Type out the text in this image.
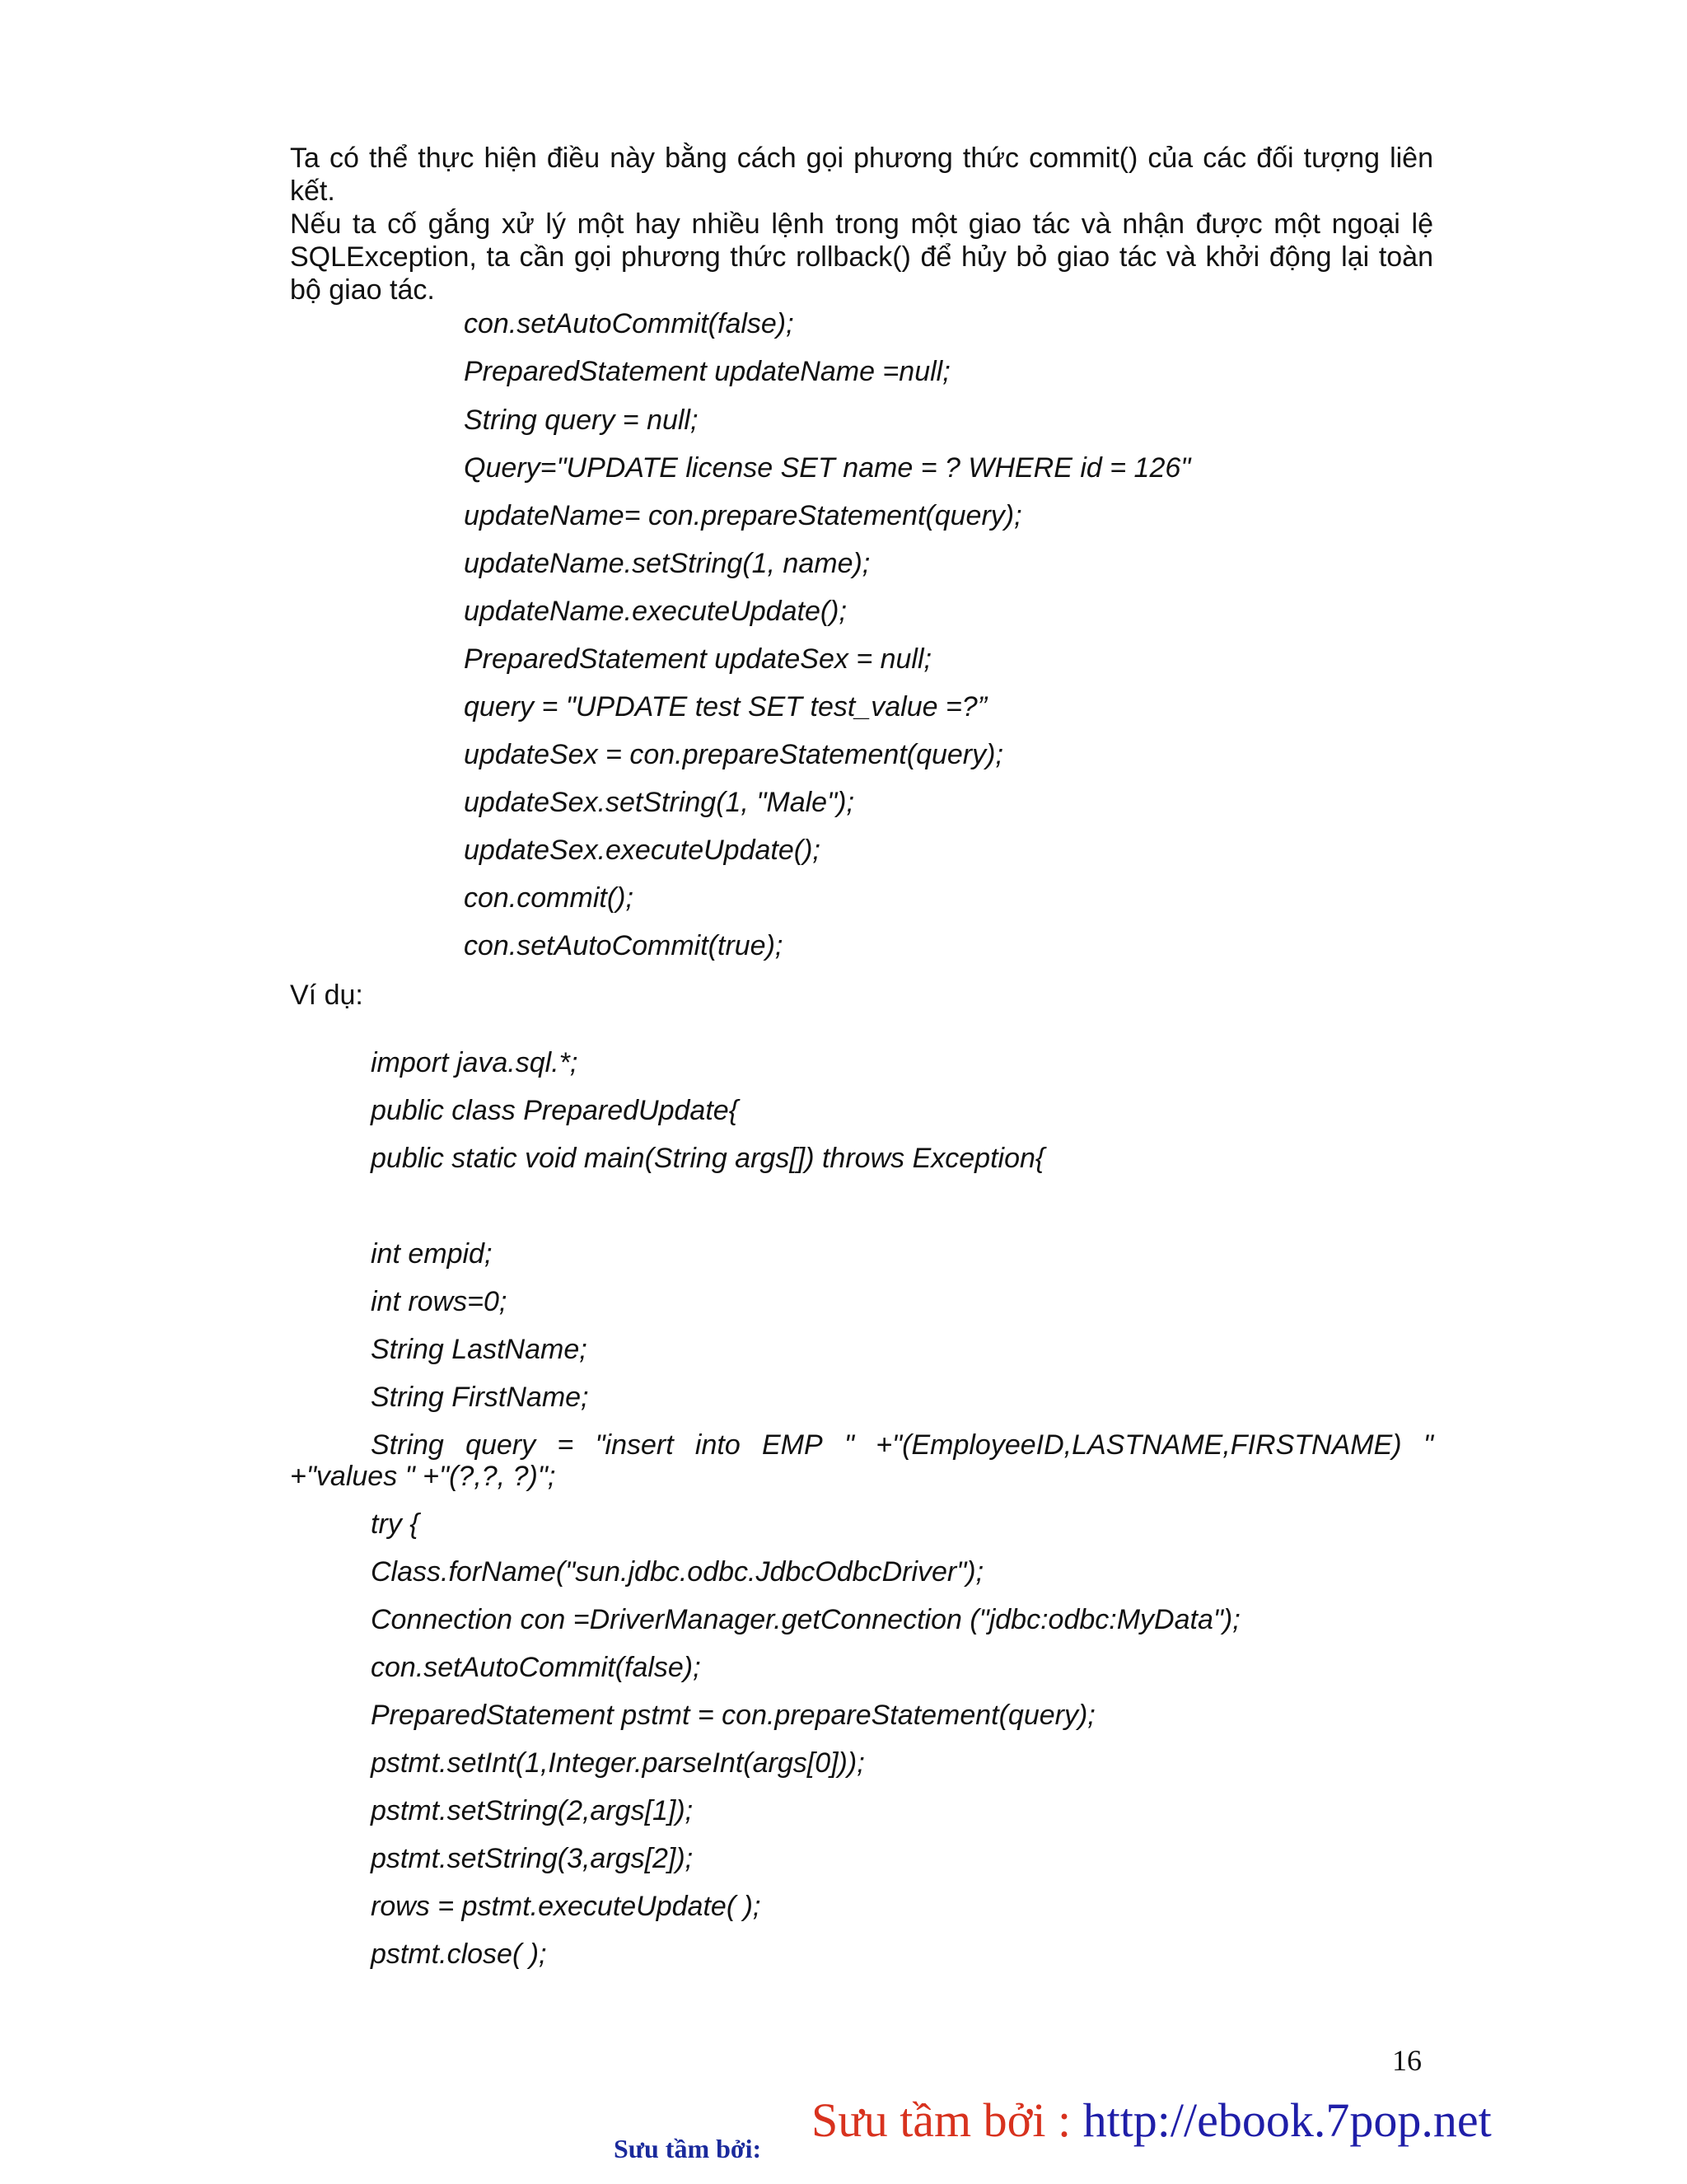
Ta có thể thực hiện điều này bằng cách gọi phương thức commit() của các đối tượng liên kết.

Nếu ta cố gắng xử lý một hay nhiều lệnh trong một giao tác và nhận được một ngoại lệ SQLException, ta cần gọi phương thức rollback() để hủy bỏ giao tác và khởi động lại toàn bộ giao tác.

con.setAutoCommit(false);

PreparedStatement updateName =null;

String query = null;

Query="UPDATE license SET name = ? WHERE id = 126"

updateName= con.prepareStatement(query);

updateName.setString(1, name);

updateName.executeUpdate();

PreparedStatement updateSex = null;

query = "UPDATE test SET test_value =?”

updateSex = con.prepareStatement(query);

updateSex.setString(1, "Male");

updateSex.executeUpdate();

con.commit();

con.setAutoCommit(true);

Ví dụ:

import java.sql.*;

public class PreparedUpdate{

public static void main(String args[]) throws Exception{

int empid;

int rows=0;

String LastName;

String FirstName;

String query = "insert into EMP " +"(EmployeeID,LASTNAME,FIRSTNAME) "

+"values " +"(?,?, ?)";

try {

Class.forName("sun.jdbc.odbc.JdbcOdbcDriver");

Connection con =DriverManager.getConnection ("jdbc:odbc:MyData");

con.setAutoCommit(false);

PreparedStatement pstmt = con.prepareStatement(query);

pstmt.setInt(1,Integer.parseInt(args[0]));

pstmt.setString(2,args[1]);

pstmt.setString(3,args[2]);

rows = pstmt.executeUpdate( );

pstmt.close( );

16
Sưu tầm bởi : http://ebook.7pop.net
Sưu tầm bởi:
